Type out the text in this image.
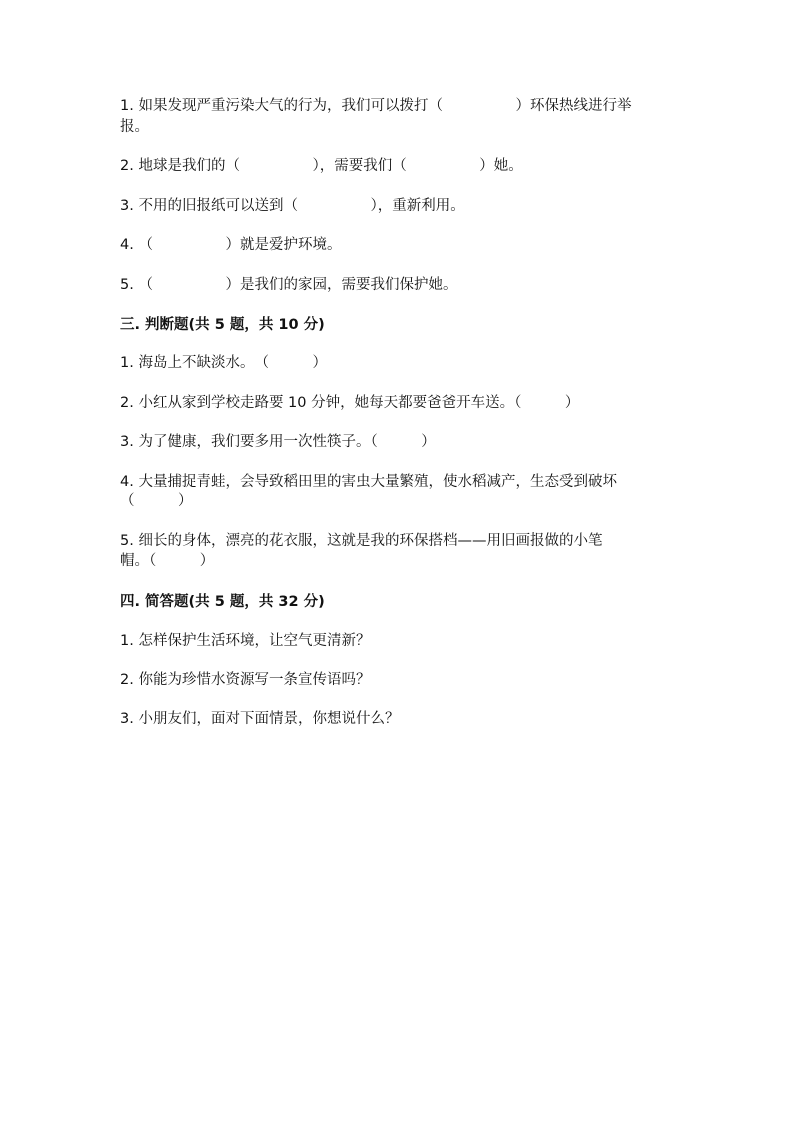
1. 如果发现严重污染大气的行为，我们可以拨打（　　　　　）环保热线进行举
报。
2. 地球是我们的（　　　　　），需要我们（　　　　　）她。
3. 不用的旧报纸可以送到（　　　　　），重新利用。
4. （　　　　　）就是爱护环境。
5. （　　　　　）是我们的家园，需要我们保护她。
三. 判断题(共 5 题，共 10 分)
1. 海岛上不缺淡水。　（　　　）
2. 小红从家到学校走路要 10 分钟，她每天都要爸爸开车送。（　　　）
3. 为了健康，我们要多用一次性筷子。（　　　）
4. 大量捕捉青蛙，会导致稻田里的害虫大量繁殖，使水稻减产，生态受到破坏
（　　　）
5. 细长的身体，漂亮的花衣服，这就是我的环保搭档——用旧画报做的小笔
帽。（　　　）
四. 简答题(共 5 题，共 32 分)
1. 怎样保护生活环境，让空气更清新？
2. 你能为珍惜水资源写一条宣传语吗？
3. 小朋友们，面对下面情景，你想说什么？
